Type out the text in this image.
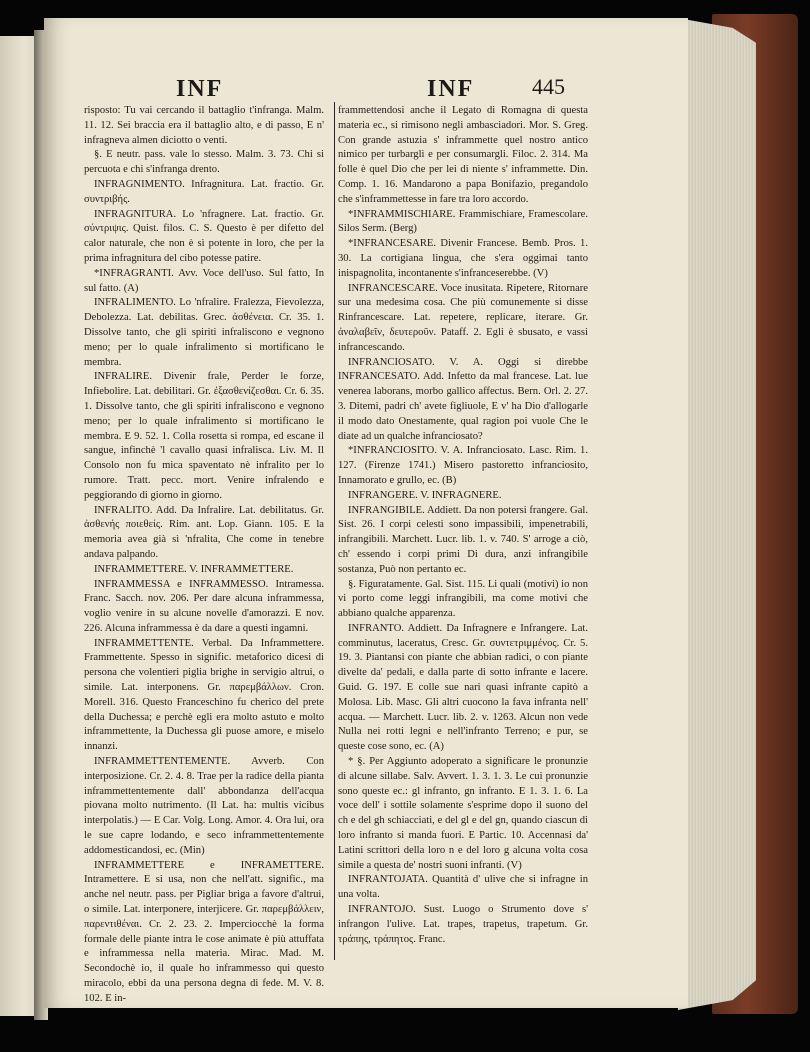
INF	INF	445

risposto: Tu vai cercando il battaglio t'infranga. Malm. 11. 12. Sei braccia era il battaglio alto, e di passo, E n' infragneva almen diciotto o venti.

§. E neutr. pass. vale lo stesso. Malm. 3. 73. Chi si percuota e chi s'infranga drento.

INFRAGNIMENTO. Infragnitura. Lat. fractio. Gr. συντριβής.

INFRAGNITURA. Lo 'nfragnere. Lat. fractio. Gr. σύντριψις. Quist. filos. C. S. Questo è per difetto del calor naturale, che non è sì potente in loro, che per la prima infragnitura del cibo potesse patire.

*INFRAGRANTI. Avv. Voce dell'uso. Sul fatto, In sul fatto. (A)

INFRALIMENTO. Lo 'nfralire. Fralezza, Fievolezza, Debolezza. Lat. debilitas. Grec. ἀσθένεια. Cr. 35. 1. Dissolve tanto, che gli spiriti infraliscono e vegnono meno; per lo quale infralimento si mortificano le membra.

INFRALIRE. Divenir frale, Perder le forze, Infiebolire. Lat. debilitari. Gr. ἐξασθενίζεσθαι. Cr. 6. 35. 1. Dissolve tanto, che gli spiriti infraliscono e vegnono meno; per lo quale infralimento si mortificano le membra. E 9. 52. 1. Colla rosetta si rompa, ed escane il sangue, infinchè 'l cavallo quasi infralisca. Liv. M. Il Consolo non fu mica spaventato nè infralito per lo rumore. Tratt. pecc. mort. Venire infralendo e peggiorando di giorno in giorno.

INFRALITO. Add. Da Infralire. Lat. debilitatus. Gr. ἀσθενής ποιεθείς. Rim. ant. Lop. Giann. 105. E la memoria avea già sì 'nfralita, Che come in tenebre andava palpando.

INFRAMMETTERE. V. INFRAMMETTERE.

INFRAMMESSA e INFRAMMESSO. Intramessa. Franc. Sacch. nov. 206. Per dare alcuna inframmessa, voglio venire in su alcune novelle d'amorazzi. E nov. 226. Alcuna inframmessa è da dare a questi ingamni.

INFRAMMETTENTE. Verbal. Da Inframmettere. Frammettente. Spesso in signific. metaforico dicesi di persona che volentieri piglia brighe in servigio altrui, o simile. Lat. interponens. Gr. παρεμβάλλων. Cron. Morell. 316. Questo Franceschino fu cherico del prete della Duchessa; e perchè egli era molto astuto e molto inframmettente, la Duchessa gli puose amore, e miselo innanzi.

INFRAMMETTENTEMENTE. Avverb. Con interposizione. Cr. 2. 4. 8. Trae per la radice della pianta inframmettentemente dall' abbondanza dell'acqua piovana molto nutrimento. (Il Lat. ha: multis vicibus interpolatis.) — E Car. Volg. Long. Amor. 4. Ora lui, ora le sue capre lodando, e seco inframmettentemente addomesticandosi, ec. (Min)

INFRAMMETTERE e INFRAMETTERE. Intramettere. E si usa, non che nell'att. signific., ma anche nel neutr. pass. per Pigliar briga a favore d'altrui, o simile. Lat. interponere, interjicere. Gr. παρεμβάλλειν, παρεντιθέναι. Cr. 2. 23. 2. Imperciocchè la forma formale delle piante intra le cose animate è più attuffata e inframmessa nella materia. Mirac. Mad. M. Secondochè io, il quale ho inframmesso qui questo miracolo, ebbi da una persona degna di fede. M. V. 8. 102. E in-

frammettendosi anche il Legato di Romagna di questa materia ec., si rimisono negli ambasciadori. Mor. S. Greg. Con grande astuzia s' inframmette quel nostro antico nimico per turbargli e per consumargli. Filoc. 2. 314. Ma folle è quel Dio che per lei di niente s' inframmette. Din. Comp. 1. 16. Mandarono a papa Bonifazio, pregandolo che s'inframmettesse in fare tra loro accordo.

*INFRAMMISCHIARE. Frammischiare, Framescolare. Silos Serm. (Berg)

*INFRANCESARE. Divenir Francese. Bemb. Pros. 1. 30. La cortigiana lingua, che s'era oggimai tanto inispagnolita, incontanente s'infranceserebbe. (V)

INFRANCESCARE. Voce inusitata. Ripetere, Ritornare sur una medesima cosa. Che più comunemente si disse Rinfrancescare. Lat. repetere, replicare, iterare. Gr. ἀναλαβεῖν, δευτεροῦν. Pataff. 2. Egli è sbusato, e vassi infrancescando.

INFRANCIOSATO. V. A. Oggi si direbbe INFRANCESATO. Add. Infetto da mal francese. Lat. lue venerea laborans, morbo gallico affectus. Bern. Orl. 2. 27. 3. Ditemi, padri ch' avete figliuole, E v' ha Dio d'allogarle il modo dato Onestamente, qual ragion poi vuole Che le diate ad un qualche infranciosato?

*INFRANCIOSITO. V. A. Infranciosato. Lasc. Rim. 1. 127. (Firenze 1741.) Misero pastoretto infranciosito, Innamorato e grullo, ec. (B)

INFRANGERE. V. INFRAGNERE.

INFRANGIBILE. Addiett. Da non potersi frangere. Gal. Sist. 26. I corpi celesti sono impassibili, impenetrabili, infrangibili. Marchett. Lucr. lib. 1. v. 740. S' arroge a ciò, ch' essendo i corpi primi Di dura, anzi infrangibile sostanza, Può non pertanto ec.

§. Figuratamente. Gal. Sist. 115. Li quali (motivi) io non vi porto come leggi infrangibili, ma come motivi che abbiano qualche apparenza.

INFRANTO. Addiett. Da Infragnere e Infrangere. Lat. comminutus, laceratus, Cresc. Gr. συντετριμμένος. Cr. 5. 19. 3. Piantansi con piante che abbian radici, o con piante divelte da' pedali, e dalla parte di sotto infrante e lacere. Guid. G. 197. E colle sue nari quasi infrante capitò a Molosa. Lib. Masc. Gli altri cuocono la fava infranta nell' acqua. — Marchett. Lucr. lib. 2. v. 1263. Alcun non vede Nulla nei rotti legni e nell'infranto Terreno; e pur, se queste cose sono, ec. (A)

* §. Per Aggiunto adoperato a significare le pronunzie di alcune sillabe. Salv. Avvert. 1. 3. 1. 3. Le cui pronunzie sono queste ec.: gl infranto, gn infranto. E 1. 3. 1. 6. La voce dell' i sottile solamente s'esprime dopo il suono del ch e del gh schiacciati, e del gl e del gn, quando ciascun di loro infranto si manda fuori. E Partic. 10. Accennasi da' Latini scrittori della loro n e del loro g alcuna volta cosa simile a questa de' nostri suoni infranti. (V)

INFRANTOJATA. Quantità d' ulive che si infragne in una volta.

INFRANTOJO. Sust. Luogo o Strumento dove s' infrangon l'ulive. Lat. trapes, trapetus, trapetum. Gr. τράπης, τράπητος. Franc.
